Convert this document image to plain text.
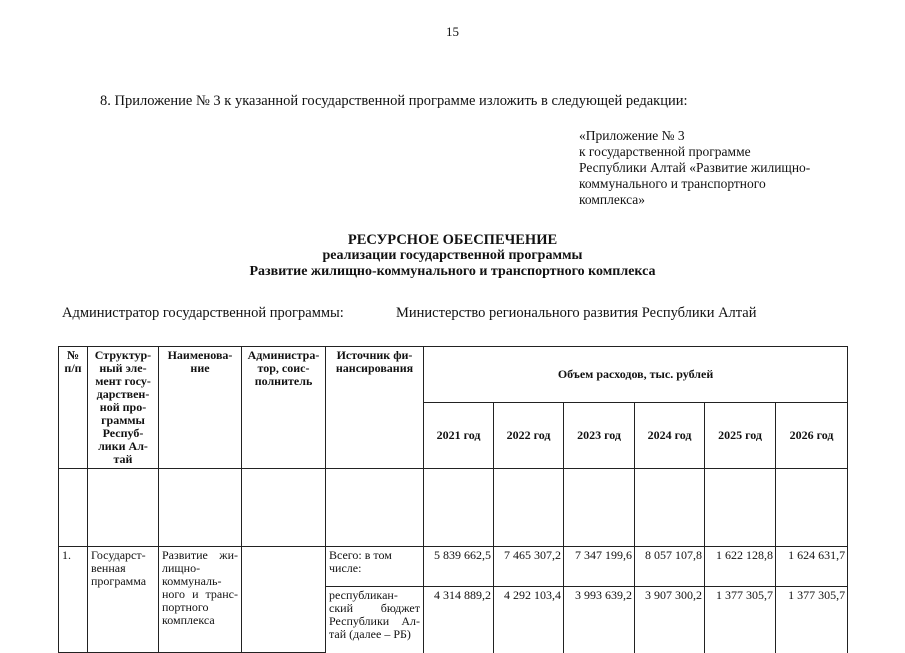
15
8. Приложение № 3 к указанной государственной программе изложить в следующей редакции:
«Приложение № 3
к государственной программе
Республики Алтай «Развитие жилищно-
коммунального и транспортного
комплекса»
РЕСУРСНОЕ ОБЕСПЕЧЕНИЕ
реализации государственной программы
Развитие жилищно-коммунального и транспортного комплекса
Администратор государственной программы:	Министерство регионального развития Республики Алтай
№ п/п	Структур-ный эле-мент госу-дарствен-ной про-граммы Респуб-лики Ал-тай	Наименова-ние	Администра-тор, соис-полнитель	Источник фи-нансирования	Объем расходов, тыс. рублей					
					2021 год	2022 год	2023 год	2024 год	2025 год	2026 год

1.	Государст-венная программа	Развитие жи-лищно-коммуналь-ного и транс-портного комплекса		Всего: в том числе:	5 839 662,5	7 465 307,2	7 347 199,6	8 057 107,8	1 622 128,8	1 624 631,7
				республикан-ский бюджет Республики Ал-тай (далее – РБ)	4 314 889,2	4 292 103,4	3 993 639,2	3 907 300,2	1 377 305,7	1 377 305,7
